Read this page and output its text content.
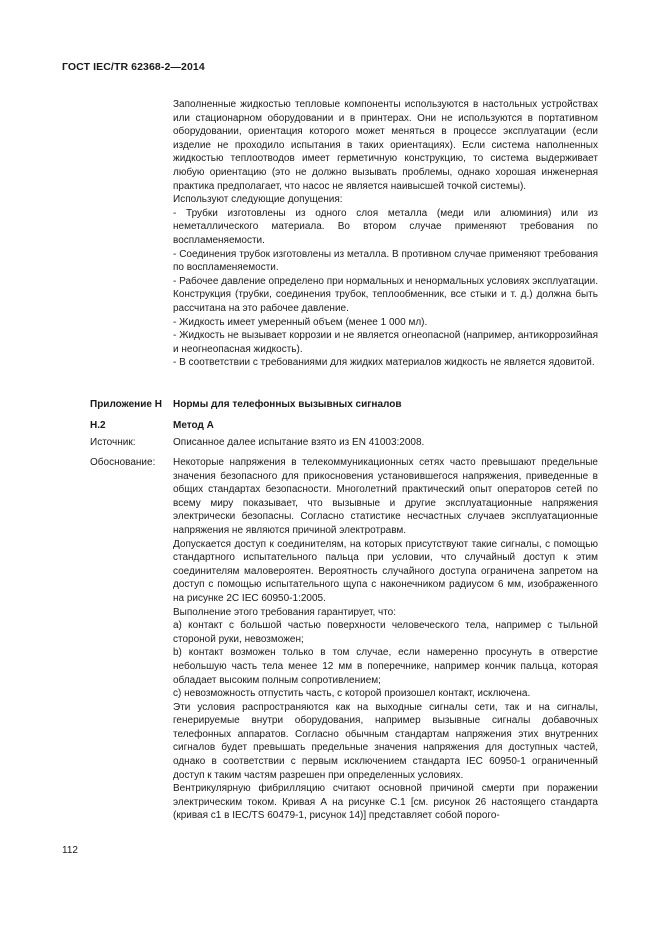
ГОСТ IEC/TR 62368-2—2014

Заполненные жидкостью тепловые компоненты используются в настольных устройствах или стационарном оборудовании и в принтерах. Они не используются в портативном оборудовании, ориентация которого может меняться в процессе эксплуатации (если изделие не проходило испытания в таких ориентациях). Если система наполненных жидкостью теплоотводов имеет герметичную конструкцию, то система выдерживает любую ориентацию (это не должно вызывать проблемы, однако хорошая инженерная практика предполагает, что насос не является наивысшей точкой системы).

Используют следующие допущения:

- Трубки изготовлены из одного слоя металла (меди или алюминия) или из неметаллического материала. Во втором случае применяют требования по воспламеняемости.

- Соединения трубок изготовлены из металла. В противном случае применяют требования по воспламеняемости.

- Рабочее давление определено при нормальных и ненормальных условиях эксплуатации. Конструкция (трубки, соединения трубок, теплообменник, все стыки и т. д.) должна быть рассчитана на это рабочее давление.

- Жидкость имеет умеренный объем (менее 1 000 мл).

- Жидкость не вызывает коррозии и не является огнеопасной (например, антикоррозийная и неогнеопасная жидкость).

- В соответствии с требованиями для жидких материалов жидкость не является ядовитой.

Приложение Н Нормы для телефонных вызывных сигналов
Н.2	Метод А
Источник:	Описанное далее испытание взято из EN 41003:2008.
Обоснование: Некоторые напряжения в телекоммуникационных сетях часто превышают предельные значения безопасного для прикосновения установившегося напряжения, приведенные в общих стандартах безопасности. Многолетний практический опыт операторов сетей по всему миру показывает, что вызывные и другие эксплуатационные напряжения электрически безопасны. Согласно статистике несчастных случаев эксплуатационные напряжения не являются причиной электротравм.

Допускается доступ к соединителям, на которых присутствуют такие сигналы, с помощью стандартного испытательного пальца при условии, что случайный доступ к этим соединителям маловероятен. Вероятность случайного доступа ограничена запретом на доступ с помощью испытательного щупа с наконечником радиусом 6 мм, изображенного на рисунке 2С IEC 60950-1:2005.

Выполнение этого требования гарантирует, что:

a) контакт с большой частью поверхности человеческого тела, например с тыльной стороной руки, невозможен;

b) контакт возможен только в том случае, если намеренно просунуть в отверстие небольшую часть тела менее 12 мм в поперечнике, например кончик пальца, которая обладает высоким полным сопротивлением;

c) невозможность отпустить часть, с которой произошел контакт, исключена.

Эти условия распространяются как на выходные сигналы сети, так и на сигналы, генерируемые внутри оборудования, например вызывные сигналы добавочных телефонных аппаратов. Согласно обычным стандартам напряжения этих внутренних сигналов будет превышать предельные значения напряжения для доступных частей, однако в соответствии с первым исключением стандарта IEC 60950-1 ограниченный доступ к таким частям разрешен при определенных условиях.

Вентрикулярную фибрилляцию считают основной причиной смерти при поражении электрическим током. Кривая А на рисунке С.1 [см. рисунок 26 настоящего стандарта (кривая с1 в IEC/TS 60479-1, рисунок 14)] представляет собой порого-

112
